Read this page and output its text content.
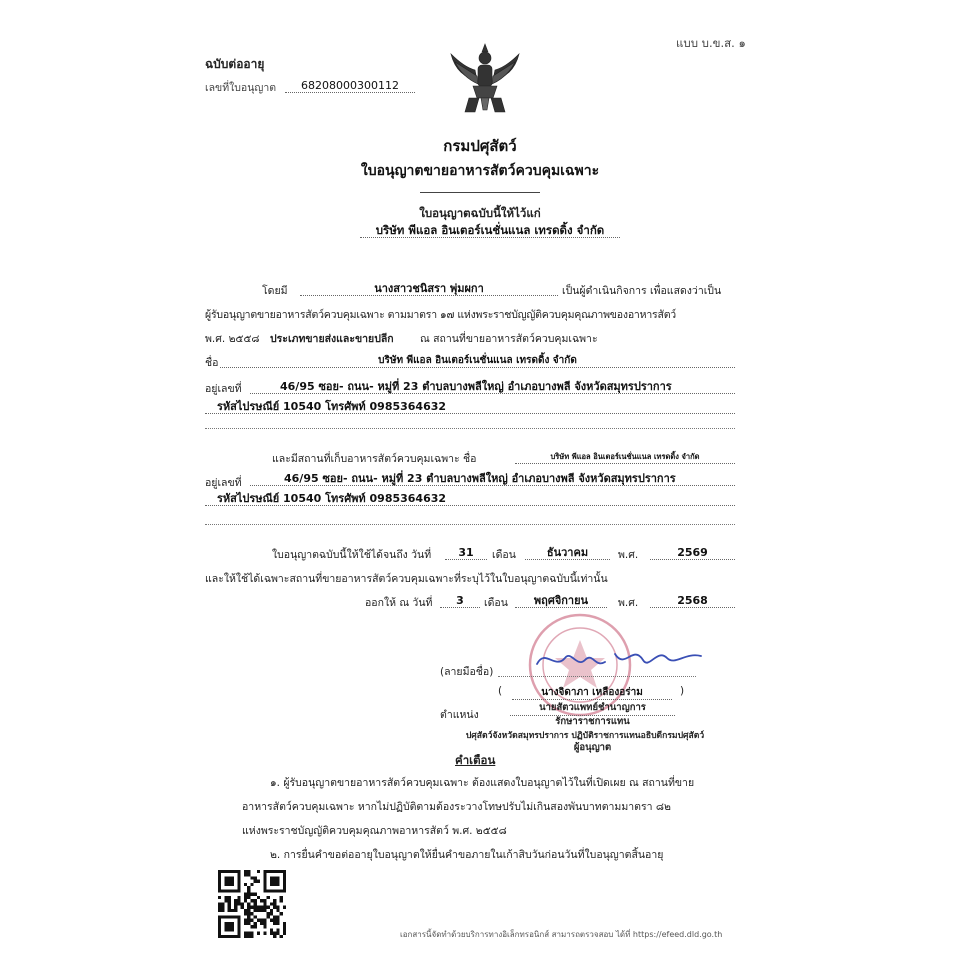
แบบ บ.ข.ส. ๑
ฉบับต่ออายุ
เลขที่ใบอนุญาต	68208000300112
กรมปศุสัตว์
ใบอนุญาตขายอาหารสัตว์ควบคุมเฉพาะ
ใบอนุญาตฉบับนี้ให้ไว้แก่
บริษัท พีแอล อินเตอร์เนชั่นแนล เทรดดิ้ง จำกัด
โดยมี	นางสาวชนิสรา พุ่มผกา	เป็นผู้ดำเนินกิจการ เพื่อแสดงว่าเป็น
ผู้รับอนุญาตขายอาหารสัตว์ควบคุมเฉพาะ ตามมาตรา ๑๗ แห่งพระราชบัญญัติควบคุมคุณภาพของอาหารสัตว์
พ.ศ. ๒๕๕๘ ประเภทขายส่งและขายปลีก	ณ สถานที่ขายอาหารสัตว์ควบคุมเฉพาะ
ชื่อ	บริษัท พีแอล อินเตอร์เนชั่นแนล เทรดดิ้ง จำกัด
อยู่เลขที่	46/95 ซอย- ถนน- หมู่ที่ 23 ตำบลบางพลีใหญ่ อำเภอบางพลี จังหวัดสมุทรปราการ
รหัสไปรษณีย์ 10540 โทรศัพท์ 0985364632
และมีสถานที่เก็บอาหารสัตว์ควบคุมเฉพาะ ชื่อ	บริษัท พีแอล อินเตอร์เนชั่นแนล เทรดดิ้ง จำกัด
อยู่เลขที่	46/95 ซอย- ถนน- หมู่ที่ 23 ตำบลบางพลีใหญ่ อำเภอบางพลี จังหวัดสมุทรปราการ
รหัสไปรษณีย์ 10540 โทรศัพท์ 0985364632
ใบอนุญาตฉบับนี้ให้ใช้ได้จนถึง วันที่	31	เดือน	ธันวาคม	พ.ศ.	2569
และให้ใช้ได้เฉพาะสถานที่ขายอาหารสัตว์ควบคุมเฉพาะที่ระบุไว้ในใบอนุญาตฉบับนี้เท่านั้น
ออกให้ ณ วันที่	3	เดือน	พฤศจิกายน	พ.ศ.	2568
(ลายมือชื่อ)
(	นางจิดาภา เหลืองอร่าม	)
ตำแหน่ง
นายสัตวแพทย์ชำนาญการ
รักษาราชการแทน
ปศุสัตว์จังหวัดสมุทรปราการ ปฏิบัติราชการแทนอธิบดีกรมปศุสัตว์
ผู้อนุญาต
คำเตือน
๑. ผู้รับอนุญาตขายอาหารสัตว์ควบคุมเฉพาะ ต้องแสดงใบอนุญาตไว้ในที่เปิดเผย ณ สถานที่ขาย
อาหารสัตว์ควบคุมเฉพาะ หากไม่ปฏิบัติตามต้องระวางโทษปรับไม่เกินสองพันบาทตามมาตรา ๘๒
แห่งพระราชบัญญัติควบคุมคุณภาพอาหารสัตว์ พ.ศ. ๒๕๕๘
๒. การยื่นคำขอต่ออายุใบอนุญาตให้ยื่นคำขอภายในเก้าสิบวันก่อนวันที่ใบอนุญาตสิ้นอายุ
เอกสารนี้จัดทำด้วยบริการทางอิเล็กทรอนิกส์ สามารถตรวจสอบ ได้ที่ https://efeed.dld.go.th
